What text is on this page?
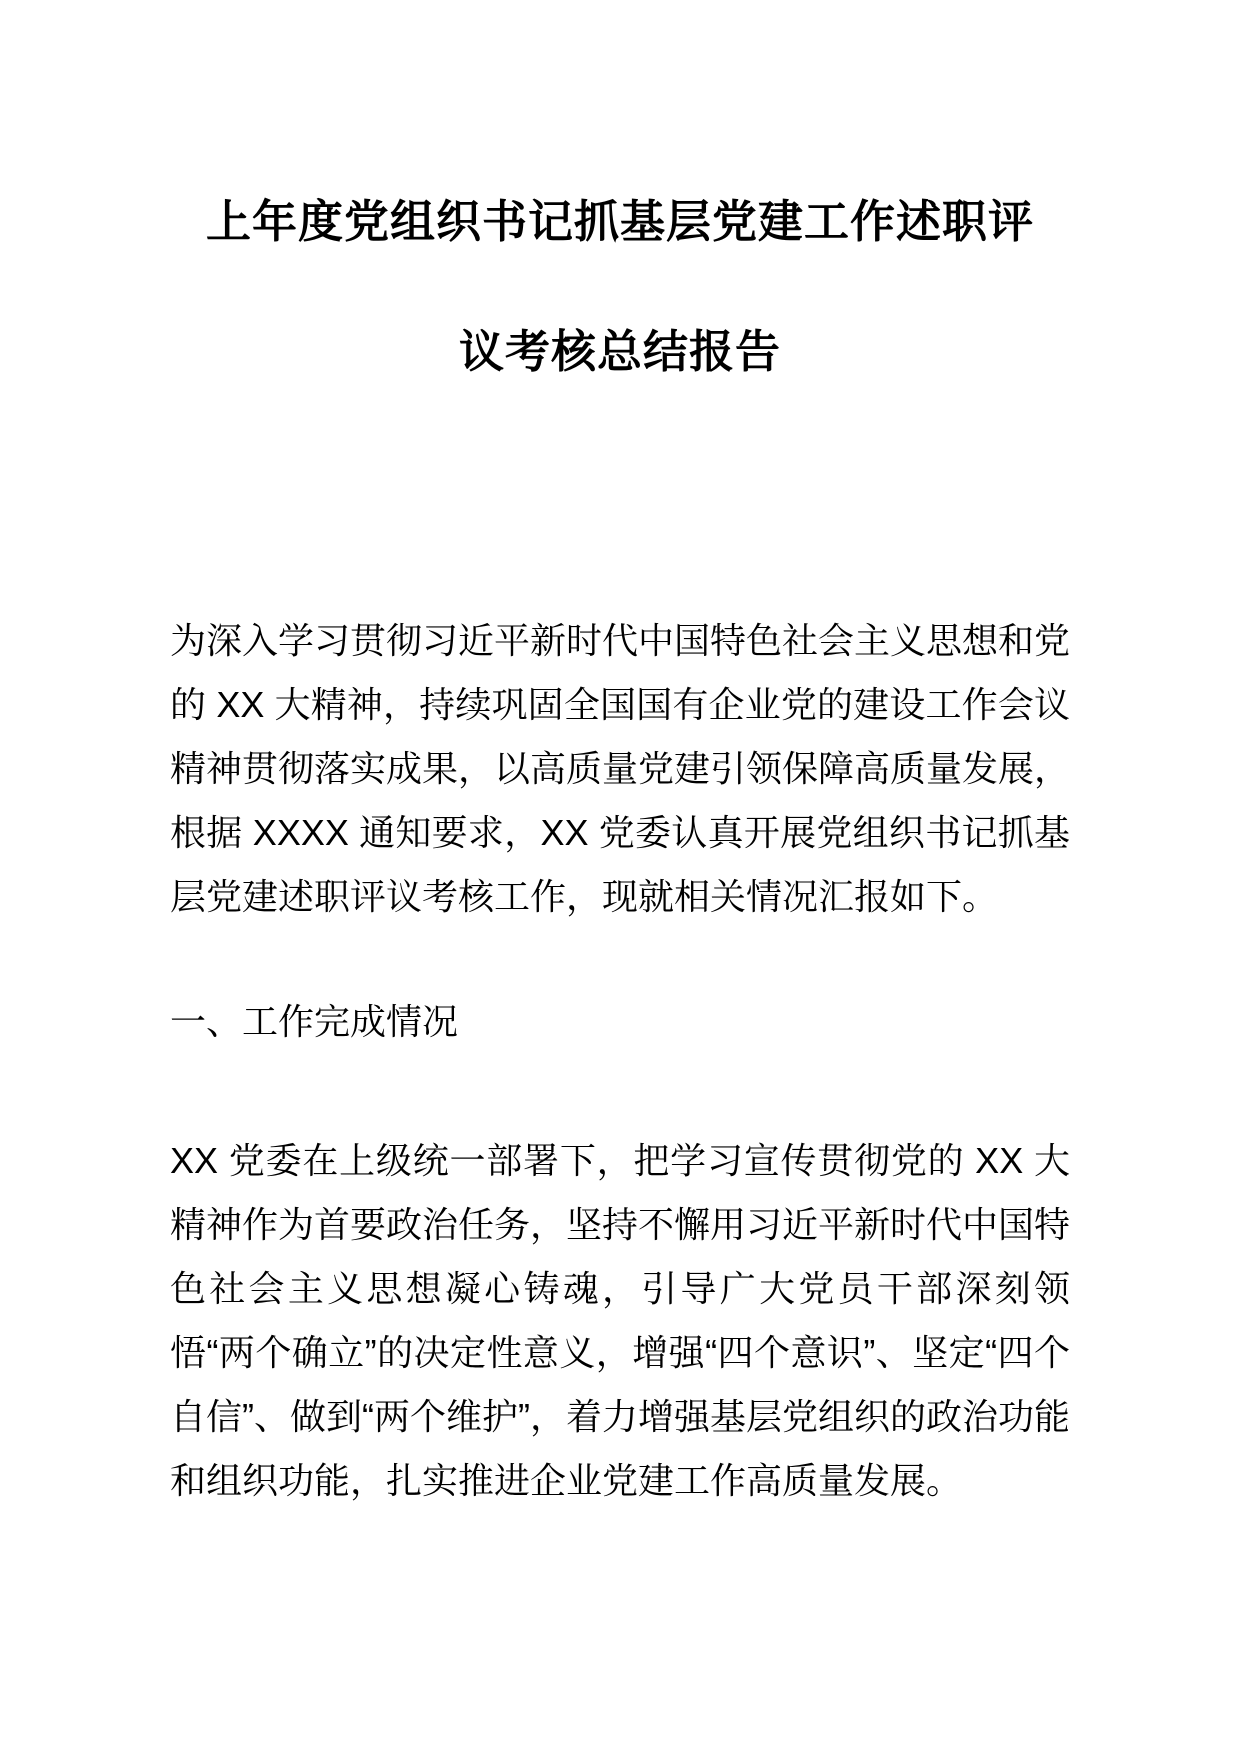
上年度党组织书记抓基层党建工作述职评
议考核总结报告
为深入学习贯彻习近平新时代中国特色社会主义思想和党的 XX 大精神，持续巩固全国国有企业党的建设工作会议精神贯彻落实成果，以高质量党建引领保障高质量发展，根据 XXXX 通知要求，XX 党委认真开展党组织书记抓基层党建述职评议考核工作，现就相关情况汇报如下。
一、工作完成情况
XX 党委在上级统一部署下，把学习宣传贯彻党的 XX 大精神作为首要政治任务，坚持不懈用习近平新时代中国特色社会主义思想凝心铸魂，引导广大党员干部深刻领悟“两个确立”的决定性意义，增强“四个意识”、坚定“四个自信”、做到“两个维护”，着力增强基层党组织的政治功能和组织功能，扎实推进企业党建工作高质量发展。
